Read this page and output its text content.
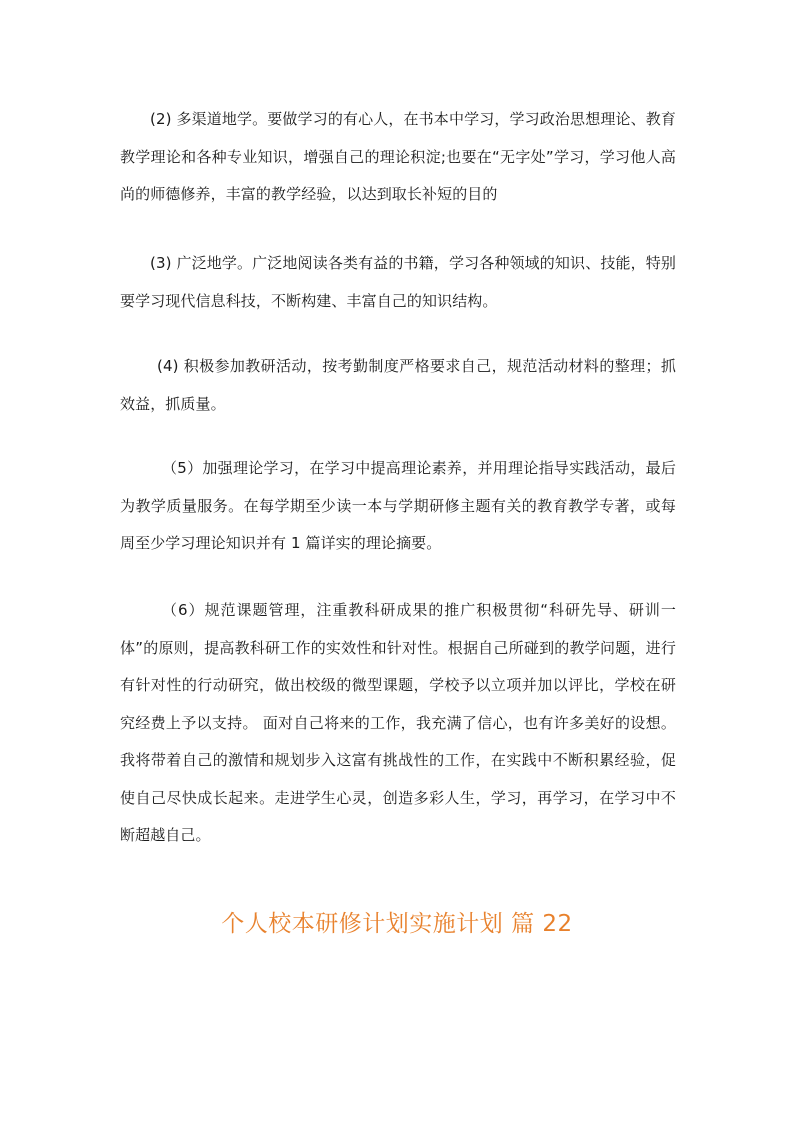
(2) 多渠道地学。要做学习的有心人，在书本中学习，学习政治思想理论、教育教学理论和各种专业知识，增强自己的理论积淀;也要在“无字处”学习，学习他人高尚的师德修养，丰富的教学经验，以达到取长补短的目的

(3) 广泛地学。广泛地阅读各类有益的书籍，学习各种领域的知识、技能，特别要学习现代信息科技，不断构建、丰富自己的知识结构。

(4) 积极参加教研活动，按考勤制度严格要求自己，规范活动材料的整理；抓效益，抓质量。

（5）加强理论学习，在学习中提高理论素养，并用理论指导实践活动，最后为教学质量服务。在每学期至少读一本与学期研修主题有关的教育教学专著，或每周至少学习理论知识并有 1 篇详实的理论摘要。

（6）规范课题管理，注重教科研成果的推广积极贯彻“科研先导、研训一体”的原则，提高教科研工作的实效性和针对性。根据自己所碰到的教学问题，进行有针对性的行动研究，做出校级的微型课题，学校予以立项并加以评比，学校在研究经费上予以支持。 面对自己将来的工作，我充满了信心，也有许多美好的设想。我将带着自己的激情和规划步入这富有挑战性的工作，在实践中不断积累经验，促使自己尽快成长起来。走进学生心灵，创造多彩人生，学习，再学习，在学习中不断超越自己。

个人校本研修计划实施计划 篇 22
